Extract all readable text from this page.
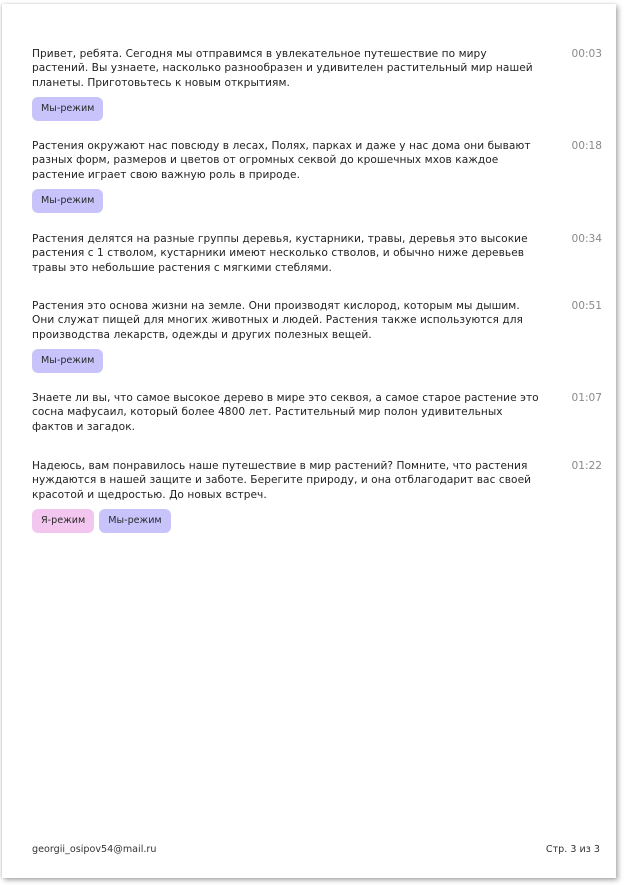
Привет, ребята. Сегодня мы отправимся в увлекательное путешествие по миру растений. Вы узнаете, насколько разнообразен и удивителен растительный мир нашей планеты. Приготовьтесь к новым открытиям.
00:03
Мы-режим
Растения окружают нас повсюду в лесах, Полях, парках и даже у нас дома они бывают разных форм, размеров и цветов от огромных секвой до крошечных мхов каждое растение играет свою важную роль в природе.
00:18
Мы-режим
Растения делятся на разные группы деревья, кустарники, травы, деревья это высокие растения с 1 стволом, кустарники имеют несколько стволов, и обычно ниже деревьев травы это небольшие растения с мягкими стеблями.
00:34
Растения это основа жизни на земле. Они производят кислород, которым мы дышим. Они служат пищей для многих животных и людей. Растения также используются для производства лекарств, одежды и других полезных вещей.
00:51
Мы-режим
Знаете ли вы, что самое высокое дерево в мире это секвоя, а самое старое растение это сосна мафусаил, который более 4800 лет. Растительный мир полон удивительных фактов и загадок.
01:07
Надеюсь, вам понравилось наше путешествие в мир растений? Помните, что растения нуждаются в нашей защите и заботе. Берегите природу, и она отблагодарит вас своей красотой и щедростью. До новых встреч.
01:22
Я-режим	Мы-режим
georgii_osipov54@mail.ru	Стр. 3 из 3
